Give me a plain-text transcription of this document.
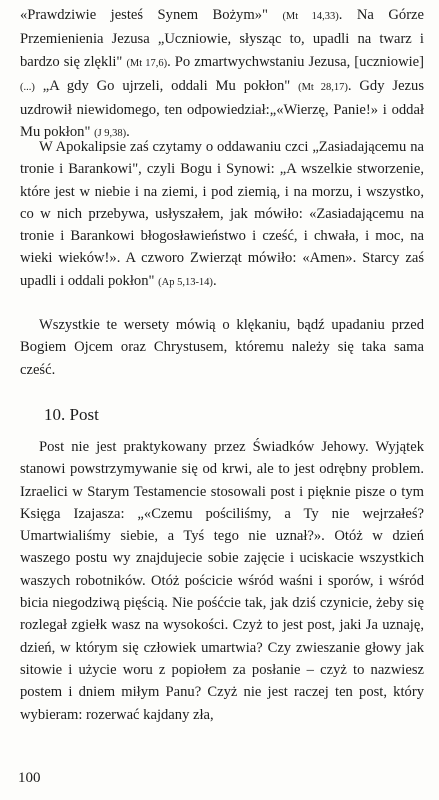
«Prawdziwie jesteś Synem Bożym»" (Mt 14,33). Na Górze Przemienienia Jezusa „Uczniowie, słysząc to, upadli na twarz i bardzo się zlękli" (Mt 17,6). Po zmartwychwstaniu Jezusa, [uczniowie] (...) „A gdy Go ujrzeli, oddali Mu pokłon" (Mt 28,17). Gdy Jezus uzdrowił niewidomego, ten odpowiedział:„«Wierzę, Panie!» i oddał Mu pokłon" (J 9,38).

W Apokalipsie zaś czytamy o oddawaniu czci „Zasiadającemu na tronie i Barankowi", czyli Bogu i Synowi: „A wszelkie stworzenie, które jest w niebie i na ziemi, i pod ziemią, i na morzu, i wszystko, co w nich przebywa, usłyszałem, jak mówiło: «Zasiadającemu na tronie i Barankowi błogosławieństwo i cześć, i chwała, i moc, na wieki wieków!». A czworo Zwierząt mówiło: «Amen». Starcy zaś upadli i oddali pokłon" (Ap 5,13-14).

Wszystkie te wersety mówią o klękaniu, bądź upadaniu przed Bogiem Ojcem oraz Chrystusem, któremu należy się taka sama cześć.

10. Post

Post nie jest praktykowany przez Świadków Jehowy. Wyjątek stanowi powstrzymywanie się od krwi, ale to jest odrębny problem. Izraelici w Starym Testamencie stosowali post i pięknie pisze o tym Księga Izajasza: „«Czemu pościliśmy, a Ty nie wejrzałeś? Umartwialiśmy siebie, a Tyś tego nie uznał?». Otóż w dzień waszego postu wy znajdujecie sobie zajęcie i uciskacie wszystkich waszych robotników. Otóż pościcie wśród waśni i sporów, i wśród bicia niegodziwą pięścią. Nie pośćcie tak, jak dziś czynicie, żeby się rozlegał zgiełk wasz na wysokości. Czyż to jest post, jaki Ja uznaję, dzień, w którym się człowiek umartwia? Czy zwieszanie głowy jak sitowie i użycie woru z popiołem za posłanie – czyż to nazwiesz postem i dniem miłym Panu? Czyż nie jest raczej ten post, który wybieram: rozerwać kajdany zła,

100
